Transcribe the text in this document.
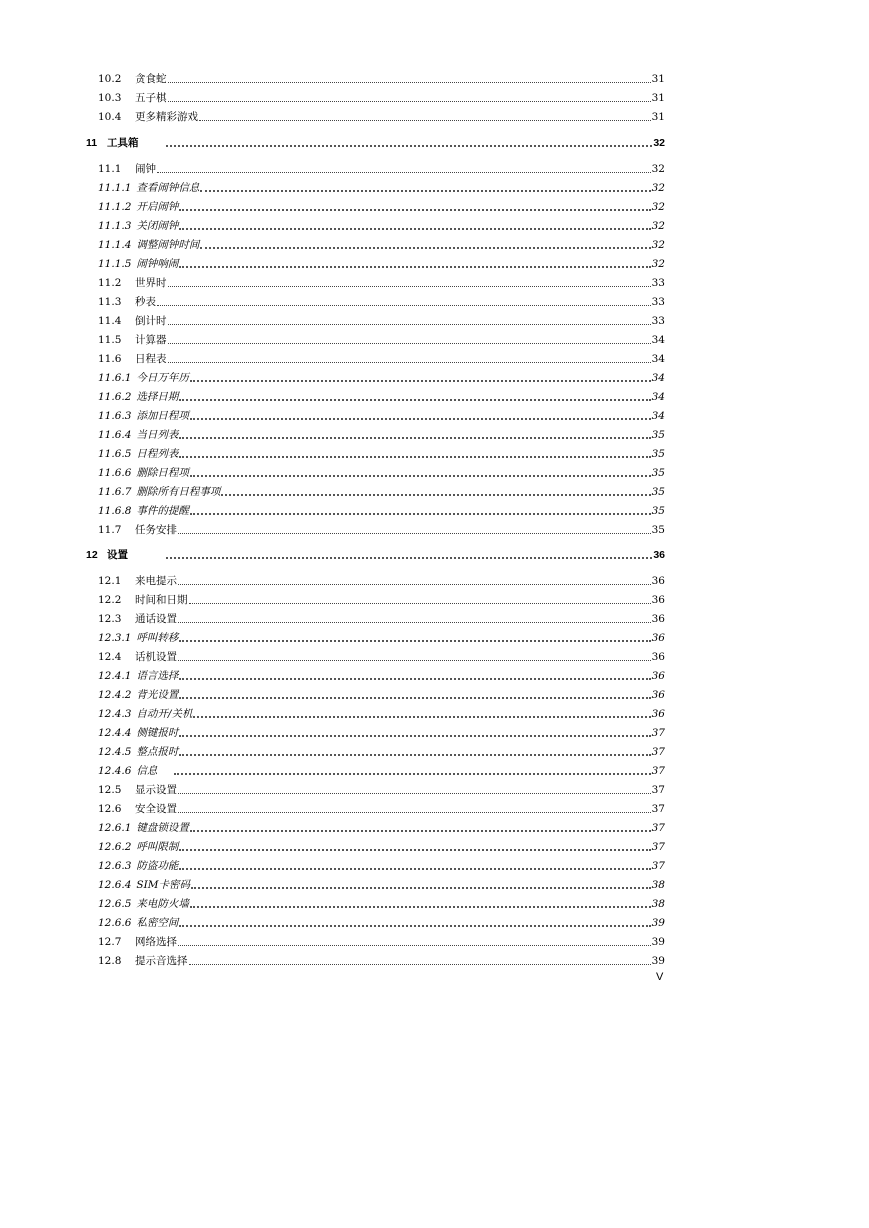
10.2	贪食蛇	31
10.3	五子棋	31
10.4	更多精彩游戏	31
11 工具箱	32
11.1	闹钟	32
11.1.1 查看闹钟信息	32
11.1.2 开启闹钟	32
11.1.3 关闭闹钟	32
11.1.4 调整闹钟时间	32
11.1.5 闹钟响闹	32
11.2	世界时	33
11.3	秒表	33
11.4	倒计时	33
11.5	计算器	34
11.6	日程表	34
11.6.1 今日万年历	34
11.6.2 选择日期	34
11.6.3 添加日程项	34
11.6.4 当日列表	35
11.6.5 日程列表	35
11.6.6 删除日程项	35
11.6.7 删除所有日程事项	35
11.6.8 事件的提醒	35
11.7	任务安排	35
12 设置	36
12.1	来电提示	36
12.2	时间和日期	36
12.3	通话设置	36
12.3.1 呼叫转移	36
12.4	话机设置	36
12.4.1 语言选择	36
12.4.2 背光设置	36
12.4.3 自动开/关机	36
12.4.4 侧键报时	37
12.4.5 整点报时	37
12.4.6 信息	37
12.5	显示设置	37
12.6	安全设置	37
12.6.1 键盘锁设置	37
12.6.2 呼叫限制	37
12.6.3 防盗功能	37
12.6.4 SIM卡密码	38
12.6.5 来电防火墙	38
12.6.6 私密空间	39
12.7	网络选择	39
12.8	提示音选择	39
V
